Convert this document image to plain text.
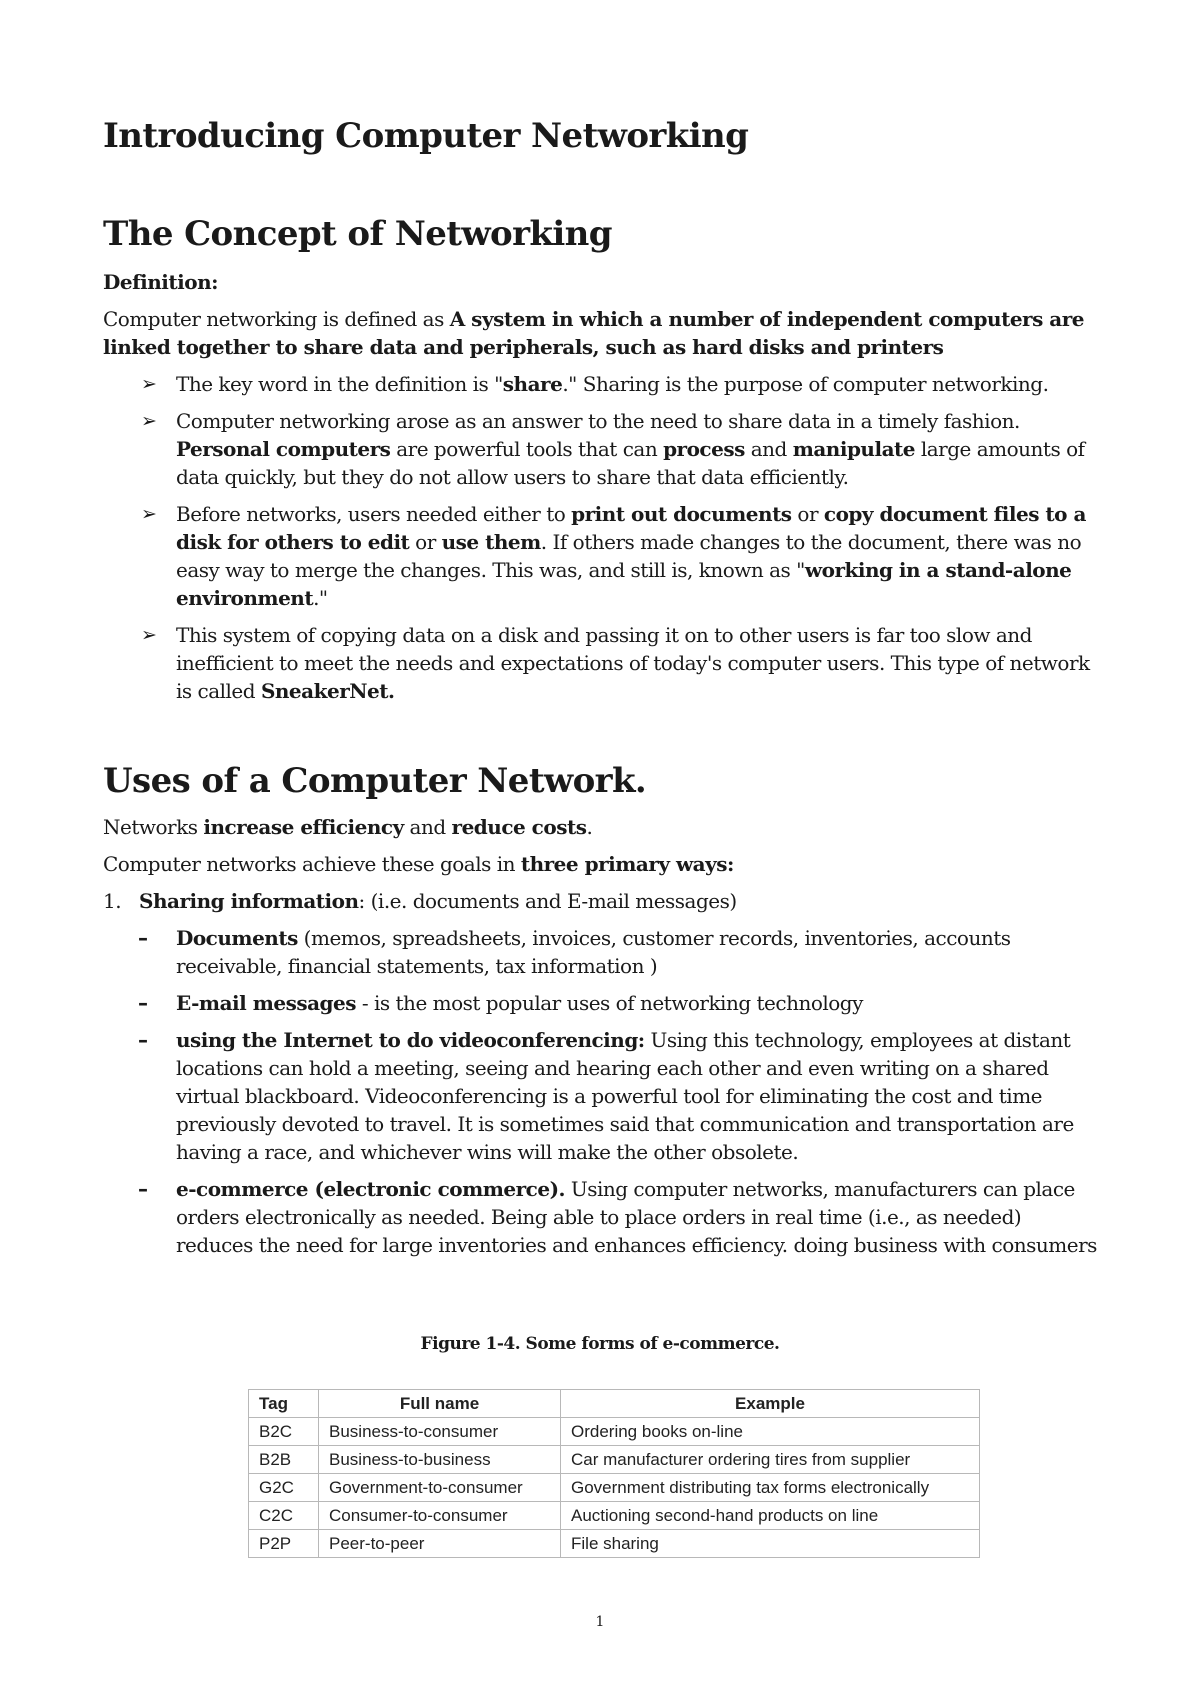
Introducing Computer Networking
The Concept of Networking

Definition:

Computer networking is defined as A system in which a number of independent computers are linked together to share data and peripherals, such as hard disks and printers

➢ The key word in the definition is "share." Sharing is the purpose of computer networking.
➢ Computer networking arose as an answer to the need to share data in a timely fashion. Personal computers are powerful tools that can process and manipulate large amounts of data quickly, but they do not allow users to share that data efficiently.
➢ Before networks, users needed either to print out documents or copy document files to a disk for others to edit or use them. If others made changes to the document, there was no easy way to merge the changes. This was, and still is, known as "working in a stand-alone environment."
➢ This system of copying data on a disk and passing it on to other users is far too slow and inefficient to meet the needs and expectations of today's computer users. This type of network is called SneakerNet.
Uses of a Computer Network.

Networks increase efficiency and reduce costs.

Computer networks achieve these goals in three primary ways:

1. Sharing information: (i.e. documents and E-mail messages)
– Documents (memos, spreadsheets, invoices, customer records, inventories, accounts receivable, financial statements, tax information )
– E-mail messages - is the most popular uses of networking technology
– using the Internet to do videoconferencing: Using this technology, employees at distant locations can hold a meeting, seeing and hearing each other and even writing on a shared virtual blackboard. Videoconferencing is a powerful tool for eliminating the cost and time previously devoted to travel. It is sometimes said that communication and transportation are having a race, and whichever wins will make the other obsolete.
– e-commerce (electronic commerce). Using computer networks, manufacturers can place orders electronically as needed. Being able to place orders in real time (i.e., as needed) reduces the need for large inventories and enhances efficiency. doing business with consumers
Figure 1-4. Some forms of e-commerce.
Tag	Full name	Example
B2C	Business-to-consumer	Ordering books on-line
B2B	Business-to-business	Car manufacturer ordering tires from supplier
G2C	Government-to-consumer	Government distributing tax forms electronically
C2C	Consumer-to-consumer	Auctioning second-hand products on line
P2P	Peer-to-peer	File sharing
1
